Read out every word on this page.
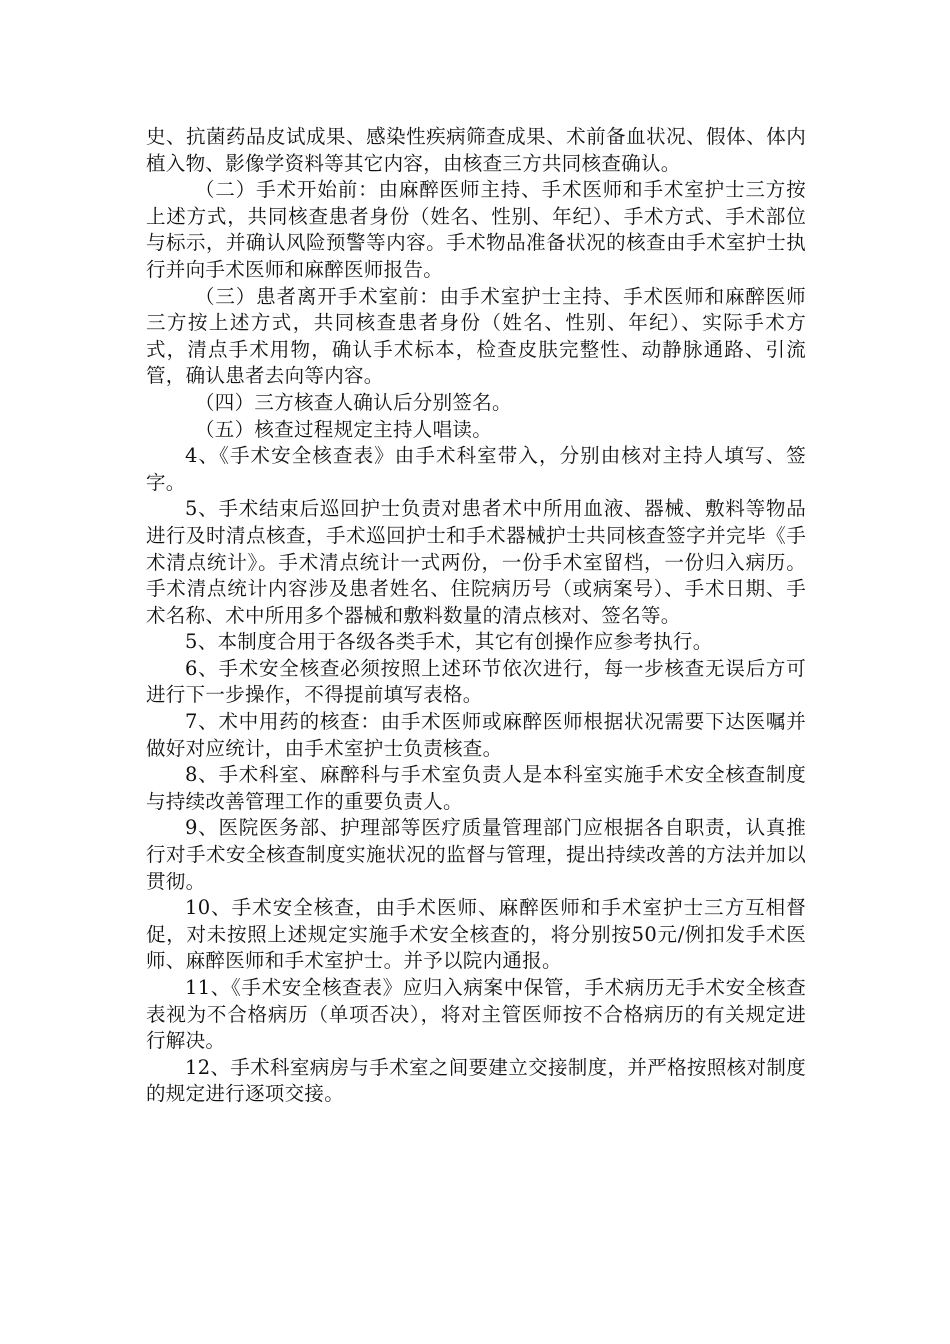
史、抗菌药品皮试成果、感染性疾病筛查成果、术前备血状况、假体、体内植入物、影像学资料等其它内容，由核查三方共同核查确认。

（二）手术开始前：由麻醉医师主持、手术医师和手术室护士三方按上述方式，共同核查患者身份（姓名、性别、年纪）、手术方式、手术部位与标示，并确认风险预警等内容。手术物品准备状况的核查由手术室护士执行并向手术医师和麻醉医师报告。

（三）患者离开手术室前：由手术室护士主持、手术医师和麻醉医师三方按上述方式，共同核查患者身份（姓名、性别、年纪）、实际手术方式，清点手术用物，确认手术标本，检查皮肤完整性、动静脉通路、引流管，确认患者去向等内容。

（四）三方核查人确认后分别签名。

（五）核查过程规定主持人唱读。

4、《手术安全核查表》由手术科室带入，分别由核对主持人填写、签字。

5、手术结束后巡回护士负责对患者术中所用血液、器械、敷料等物品进行及时清点核查，手术巡回护士和手术器械护士共同核查签字并完毕《手术清点统计》。手术清点统计一式两份，一份手术室留档，一份归入病历。手术清点统计内容涉及患者姓名、住院病历号（或病案号）、手术日期、手术名称、术中所用多个器械和敷料数量的清点核对、签名等。

5、本制度合用于各级各类手术，其它有创操作应参考执行。

6、手术安全核查必须按照上述环节依次进行，每一步核查无误后方可进行下一步操作，不得提前填写表格。

7、术中用药的核查：由手术医师或麻醉医师根据状况需要下达医嘱并做好对应统计，由手术室护士负责核查。

8、手术科室、麻醉科与手术室负责人是本科室实施手术安全核查制度与持续改善管理工作的重要负责人。

9、医院医务部、护理部等医疗质量管理部门应根据各自职责，认真推行对手术安全核查制度实施状况的监督与管理，提出持续改善的方法并加以贯彻。

10、手术安全核查，由手术医师、麻醉医师和手术室护士三方互相督促，对未按照上述规定实施手术安全核查的，将分别按50元/例扣发手术医师、麻醉医师和手术室护士。并予以院内通报。

11、《手术安全核查表》应归入病案中保管，手术病历无手术安全核查表视为不合格病历（单项否决），将对主管医师按不合格病历的有关规定进行解决。

12、手术科室病房与手术室之间要建立交接制度，并严格按照核对制度的规定进行逐项交接。
